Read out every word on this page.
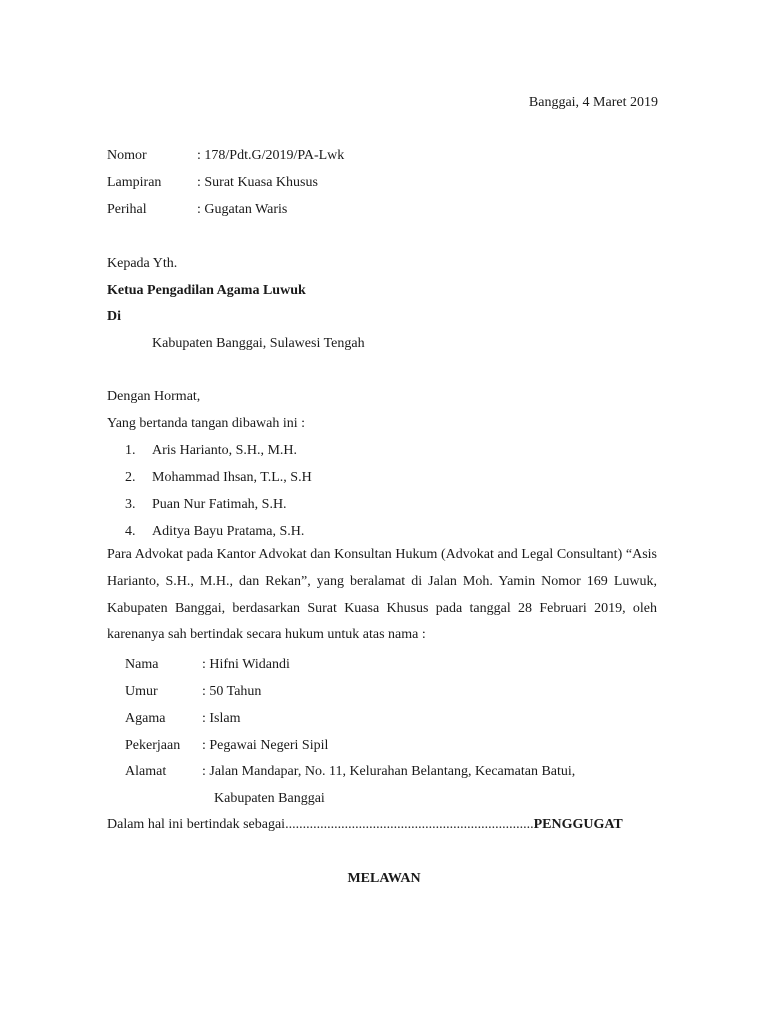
Banggai, 4 Maret 2019
Nomor	: 178/Pdt.G/2019/PA-Lwk
Lampiran	: Surat Kuasa Khusus
Perihal	: Gugatan Waris
Kepada Yth.
Ketua Pengadilan Agama Luwuk
Di
Kabupaten Banggai, Sulawesi Tengah
Dengan Hormat,
Yang bertanda tangan dibawah ini :
1. Aris Harianto, S.H., M.H.
2. Mohammad Ihsan, T.L., S.H
3. Puan Nur Fatimah, S.H.
4. Aditya Bayu Pratama, S.H.
Para Advokat pada Kantor Advokat dan Konsultan Hukum (Advokat and Legal Consultant) “Asis Harianto, S.H., M.H., dan Rekan”, yang beralamat di Jalan Moh. Yamin Nomor 169 Luwuk, Kabupaten Banggai, berdasarkan Surat Kuasa Khusus pada tanggal 28 Februari 2019, oleh karenanya sah bertindak secara hukum untuk atas nama :
Nama	: Hifni Widandi
Umur	: 50 Tahun
Agama	: Islam
Pekerjaan : Pegawai Negeri Sipil
Alamat	: Jalan Mandapar, No. 11, Kelurahan Belantang, Kecamatan Batui,
Kabupaten Banggai
Dalam hal ini bertindak sebagai.......................................................................PENGGUGAT
MELAWAN
